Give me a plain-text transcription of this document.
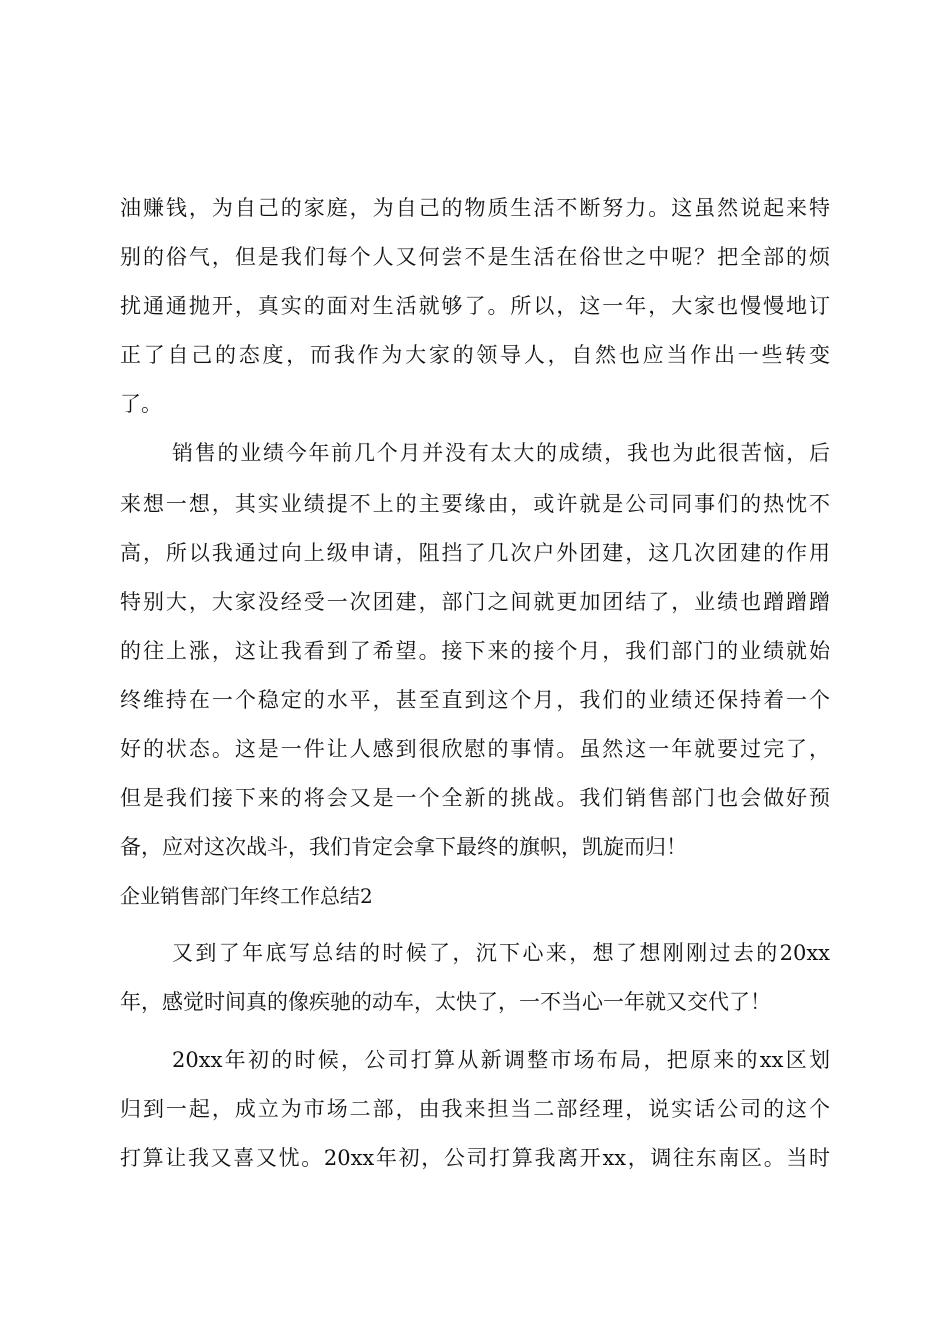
油赚钱，为自己的家庭，为自己的物质生活不断努力。这虽然说起来特
别的俗气，但是我们每个人又何尝不是生活在俗世之中呢？把全部的烦
扰通通抛开，真实的面对生活就够了。所以，这一年，大家也慢慢地订
正了自己的态度，而我作为大家的领导人，自然也应当作出一些转变
了。
销售的业绩今年前几个月并没有太大的成绩，我也为此很苦恼，后
来想一想，其实业绩提不上的主要缘由，或许就是公司同事们的热忱不
高，所以我通过向上级申请，阻挡了几次户外团建，这几次团建的作用
特别大，大家没经受一次团建，部门之间就更加团结了，业绩也蹭蹭蹭
的往上涨，这让我看到了希望。接下来的接个月，我们部门的业绩就始
终维持在一个稳定的水平，甚至直到这个月，我们的业绩还保持着一个
好的状态。这是一件让人感到很欣慰的事情。虽然这一年就要过完了，
但是我们接下来的将会又是一个全新的挑战。我们销售部门也会做好预
备，应对这次战斗，我们肯定会拿下最终的旗帜，凯旋而归！
企业销售部门年终工作总结2
又到了年底写总结的时候了，沉下心来，想了想刚刚过去的20xx
年，感觉时间真的像疾驰的动车，太快了，一不当心一年就又交代了！
20xx年初的时候，公司打算从新调整市场布局，把原来的xx区划
归到一起，成立为市场二部，由我来担当二部经理，说实话公司的这个
打算让我又喜又忧。20xx年初，公司打算我离开xx，调往东南区。当时
